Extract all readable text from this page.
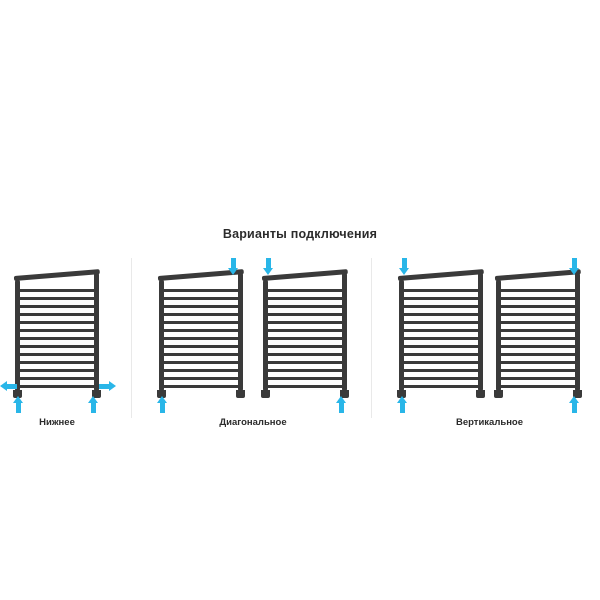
Варианты подключения
Нижнее	Диагональное	Вертикальное
